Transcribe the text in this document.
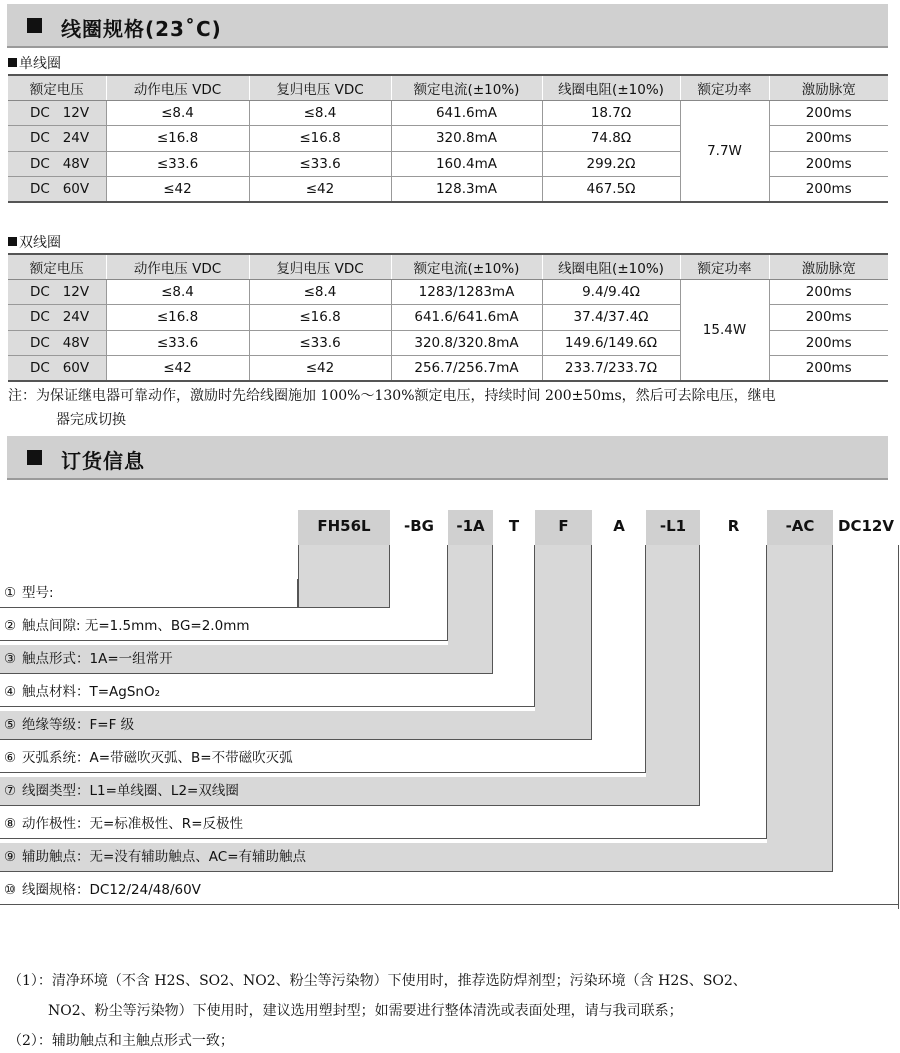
线圈规格(23˚C)
单线圈
额定电压	动作电压 VDC	复归电压 VDC	额定电流(±10%)	线圈电阻(±10%)	额定功率	激励脉宽
DC   12V	≤8.4	≤8.4	641.6mA	18.7Ω	7.7W	200ms
DC   24V	≤16.8	≤16.8	320.8mA	74.8Ω		200ms
DC   48V	≤33.6	≤33.6	160.4mA	299.2Ω		200ms
DC   60V	≤42	≤42	128.3mA	467.5Ω		200ms
双线圈
额定电压	动作电压 VDC	复归电压 VDC	额定电流(±10%)	线圈电阻(±10%)	额定功率	激励脉宽
DC   12V	≤8.4	≤8.4	1283/1283mA	9.4/9.4Ω	15.4W	200ms
DC   24V	≤16.8	≤16.8	641.6/641.6mA	37.4/37.4Ω		200ms
DC   48V	≤33.6	≤33.6	320.8/320.8mA	149.6/149.6Ω		200ms
DC   60V	≤42	≤42	256.7/256.7mA	233.7/233.7Ω		200ms
注：为保证继电器可靠动作，激励时先给线圈施加 100%～130%额定电压，持续时间 200±50ms，然后可去除电压，继电
器完成切换
订货信息
FH56L	-BG	-1A	T	F	A	-L1	R	-AC	DC12V
① 型号:
② 触点间隙: 无=1.5mm、BG=2.0mm
③ 触点形式：1A=一组常开
④ 触点材料：T=AgSnO₂
⑤ 绝缘等级：F=F 级
⑥ 灭弧系统：A=带磁吹灭弧、B=不带磁吹灭弧
⑦ 线圈类型：L1=单线圈、L2=双线圈
⑧ 动作极性：无=标准极性、R=反极性
⑨ 辅助触点：无=没有辅助触点、AC=有辅助触点
⑩ 线圈规格：DC12/24/48/60V
（1）：清净环境（不含 H2S、SO2、NO2、粉尘等污染物）下使用时，推荐选防焊剂型；污染环境（含 H2S、SO2、
NO2、粉尘等污染物）下使用时，建议选用塑封型；如需要进行整体清洗或表面处理，请与我司联系；
（2）：辅助触点和主触点形式一致；
